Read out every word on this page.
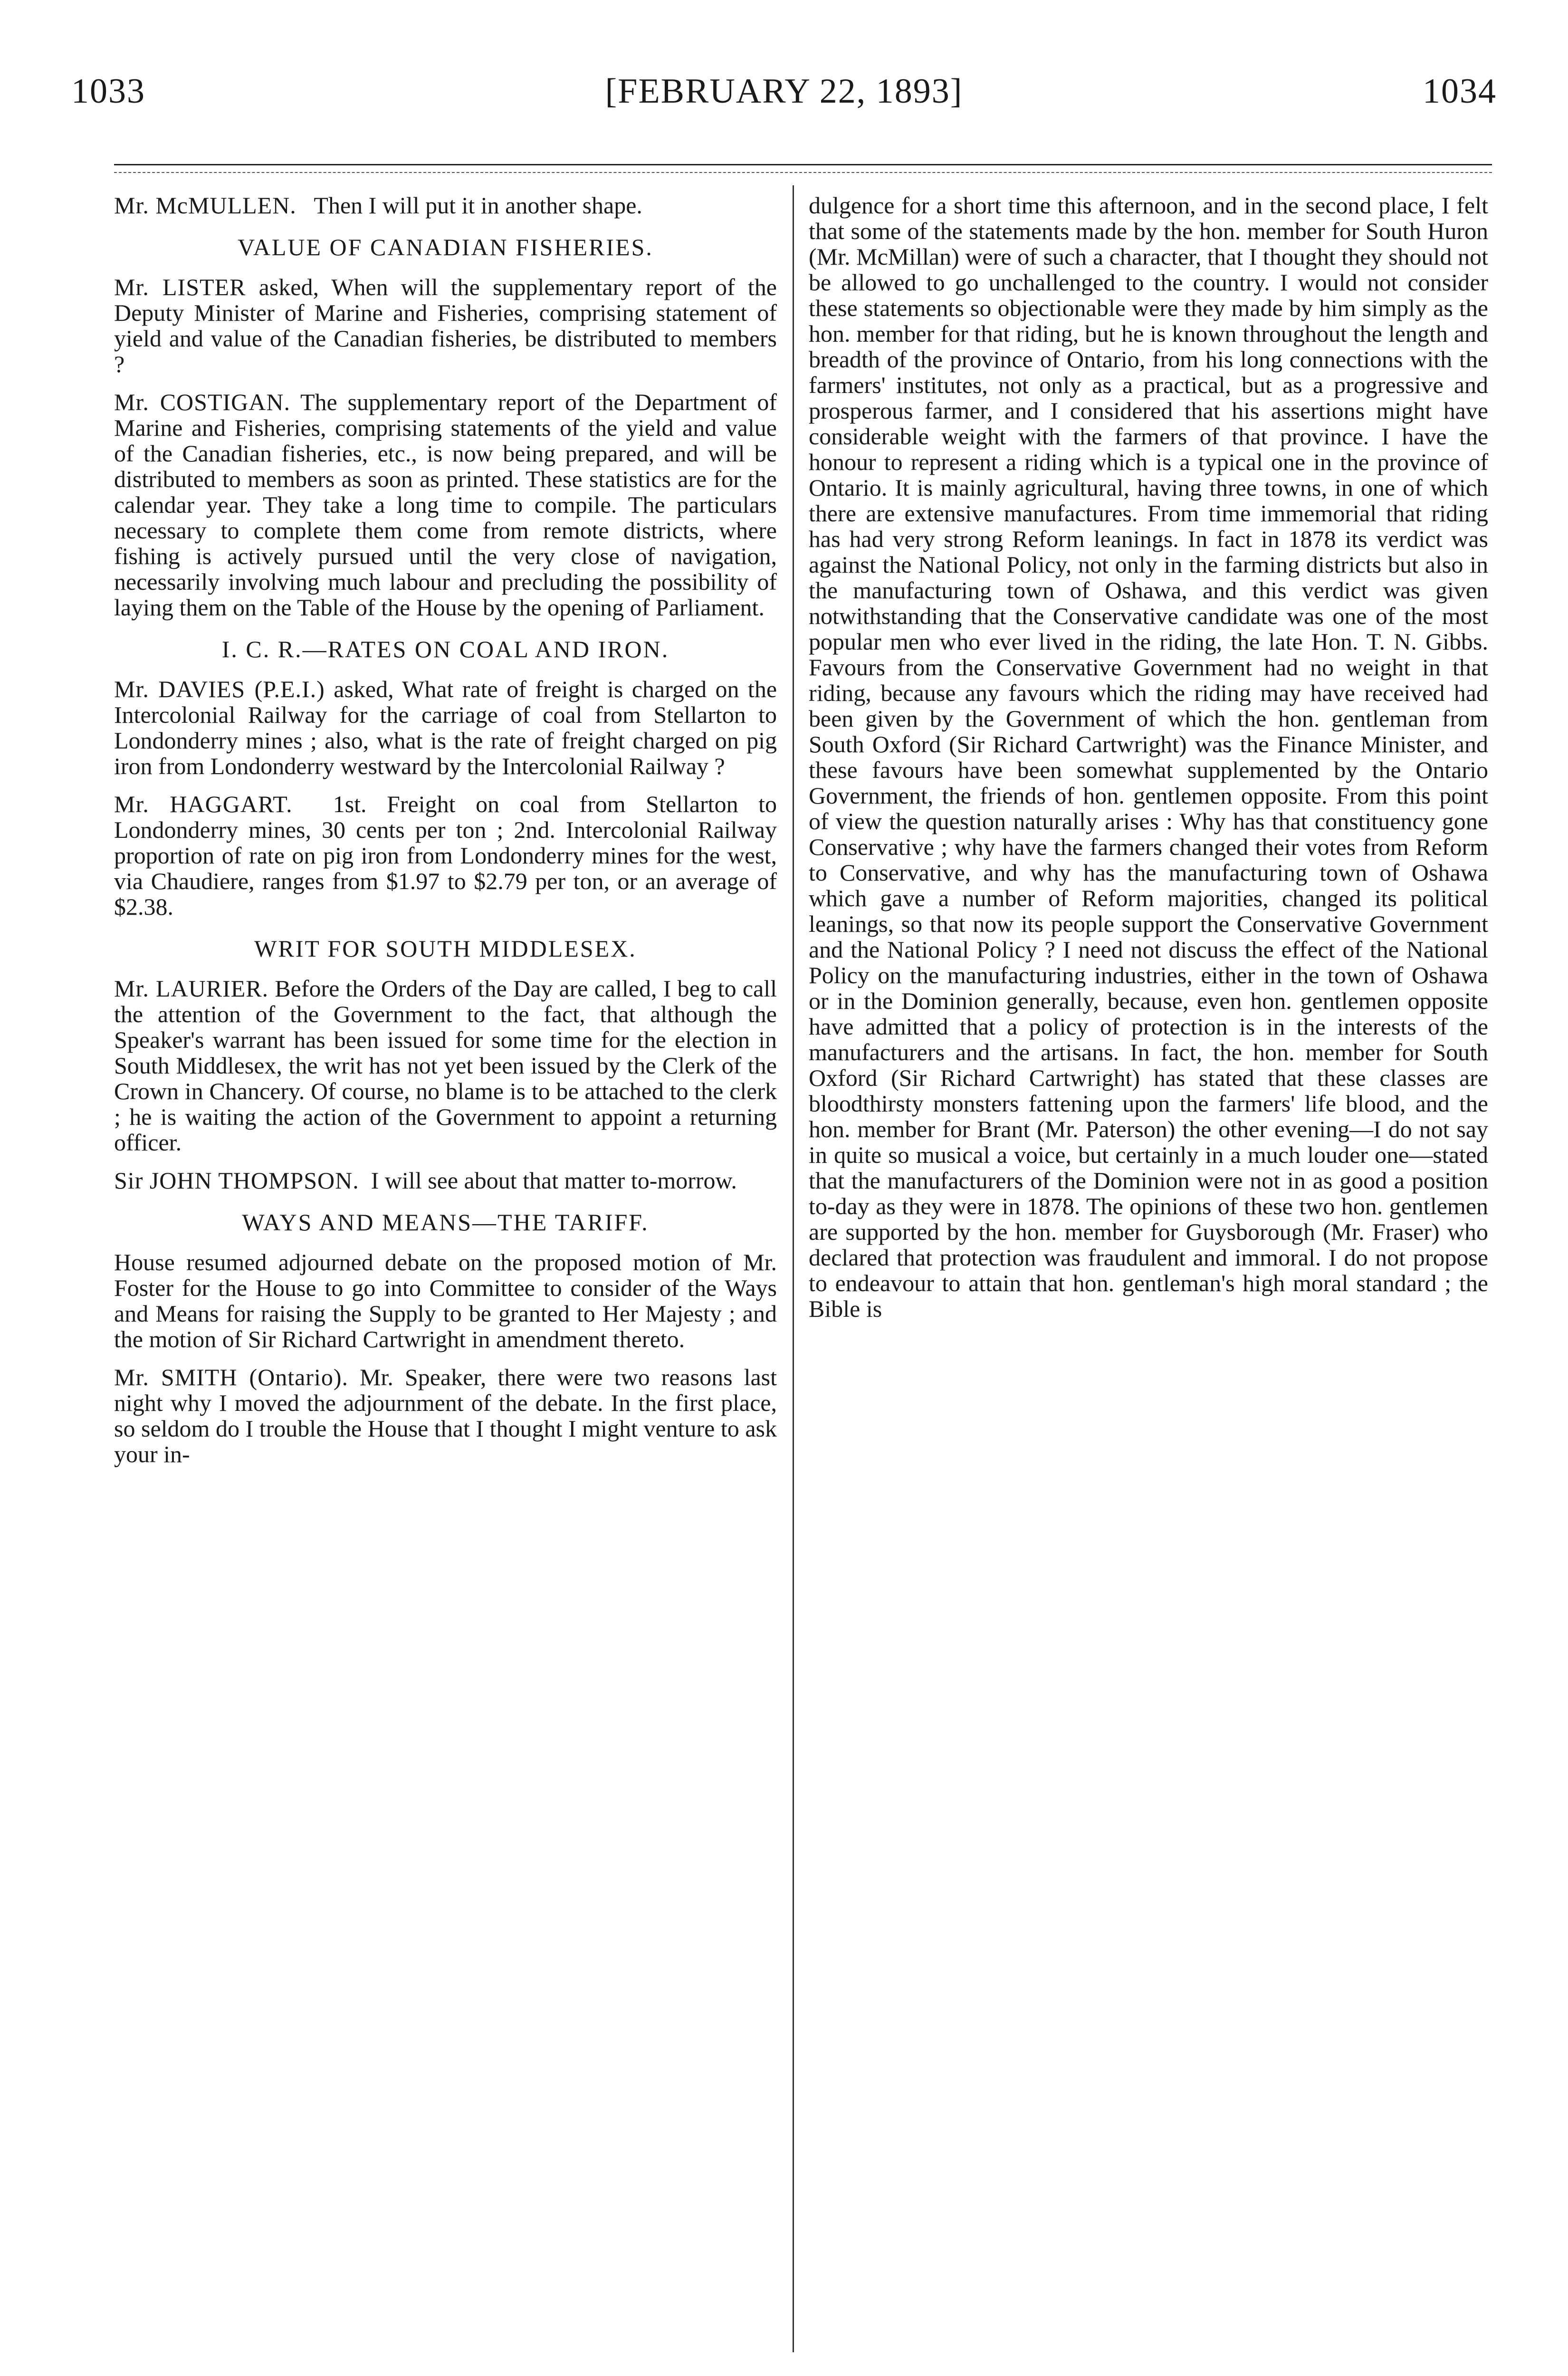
1033	[FEBRUARY 22, 1893]	1034

Mr. McMULLEN. Then I will put it in another shape.

VALUE OF CANADIAN FISHERIES.

Mr. LISTER asked, When will the supplementary report of the Deputy Minister of Marine and Fisheries, comprising statement of yield and value of the Canadian fisheries, be distributed to members ?

Mr. COSTIGAN. The supplementary report of the Department of Marine and Fisheries, comprising statements of the yield and value of the Canadian fisheries, etc., is now being prepared, and will be distributed to members as soon as printed. These statistics are for the calendar year. They take a long time to compile. The particulars necessary to complete them come from remote districts, where fishing is actively pursued until the very close of navigation, necessarily involving much labour and precluding the possibility of laying them on the Table of the House by the opening of Parliament.

I. C. R.—RATES ON COAL AND IRON.

Mr. DAVIES (P.E.I.) asked, What rate of freight is charged on the Intercolonial Railway for the carriage of coal from Stellarton to Londonderry mines ; also, what is the rate of freight charged on pig iron from Londonderry westward by the Intercolonial Railway ?

Mr. HAGGART. 1st. Freight on coal from Stellarton to Londonderry mines, 30 cents per ton ; 2nd. Intercolonial Railway proportion of rate on pig iron from Londonderry mines for the west, via Chaudiere, ranges from $1.97 to $2.79 per ton, or an average of $2.38.

WRIT FOR SOUTH MIDDLESEX.

Mr. LAURIER. Before the Orders of the Day are called, I beg to call the attention of the Government to the fact, that although the Speaker's warrant has been issued for some time for the election in South Middlesex, the writ has not yet been issued by the Clerk of the Crown in Chancery. Of course, no blame is to be attached to the clerk ; he is waiting the action of the Government to appoint a returning officer.

Sir JOHN THOMPSON. I will see about that matter to-morrow.

WAYS AND MEANS—THE TARIFF.

House resumed adjourned debate on the proposed motion of Mr. Foster for the House to go into Committee to consider of the Ways and Means for raising the Supply to be granted to Her Majesty ; and the motion of Sir Richard Cartwright in amendment thereto.

Mr. SMITH (Ontario). Mr. Speaker, there were two reasons last night why I moved the adjournment of the debate. In the first place, so seldom do I trouble the House that I thought I might venture to ask your in-

dulgence for a short time this afternoon, and in the second place, I felt that some of the statements made by the hon. member for South Huron (Mr. McMillan) were of such a character, that I thought they should not be allowed to go unchallenged to the country. I would not consider these statements so objectionable were they made by him simply as the hon. member for that riding, but he is known throughout the length and breadth of the province of Ontario, from his long connections with the farmers' institutes, not only as a practical, but as a progressive and prosperous farmer, and I considered that his assertions might have considerable weight with the farmers of that province. I have the honour to represent a riding which is a typical one in the province of Ontario. It is mainly agricultural, having three towns, in one of which there are extensive manufactures. From time immemorial that riding has had very strong Reform leanings. In fact in 1878 its verdict was against the National Policy, not only in the farming districts but also in the manufacturing town of Oshawa, and this verdict was given notwithstanding that the Conservative candidate was one of the most popular men who ever lived in the riding, the late Hon. T. N. Gibbs. Favours from the Conservative Government had no weight in that riding, because any favours which the riding may have received had been given by the Government of which the hon. gentleman from South Oxford (Sir Richard Cartwright) was the Finance Minister, and these favours have been somewhat supplemented by the Ontario Government, the friends of hon. gentlemen opposite. From this point of view the question naturally arises : Why has that constituency gone Conservative ; why have the farmers changed their votes from Reform to Conservative, and why has the manufacturing town of Oshawa which gave a number of Reform majorities, changed its political leanings, so that now its people support the Conservative Government and the National Policy ? I need not discuss the effect of the National Policy on the manufacturing industries, either in the town of Oshawa or in the Dominion generally, because, even hon. gentlemen opposite have admitted that a policy of protection is in the interests of the manufacturers and the artisans. In fact, the hon. member for South Oxford (Sir Richard Cartwright) has stated that these classes are bloodthirsty monsters fattening upon the farmers' life blood, and the hon. member for Brant (Mr. Paterson) the other evening—I do not say in quite so musical a voice, but certainly in a much louder one—stated that the manufacturers of the Dominion were not in as good a position to-day as they were in 1878. The opinions of these two hon. gentlemen are supported by the hon. member for Guysborough (Mr. Fraser) who declared that protection was fraudulent and immoral. I do not propose to endeavour to attain that hon. gentleman's high moral standard ; the Bible is
